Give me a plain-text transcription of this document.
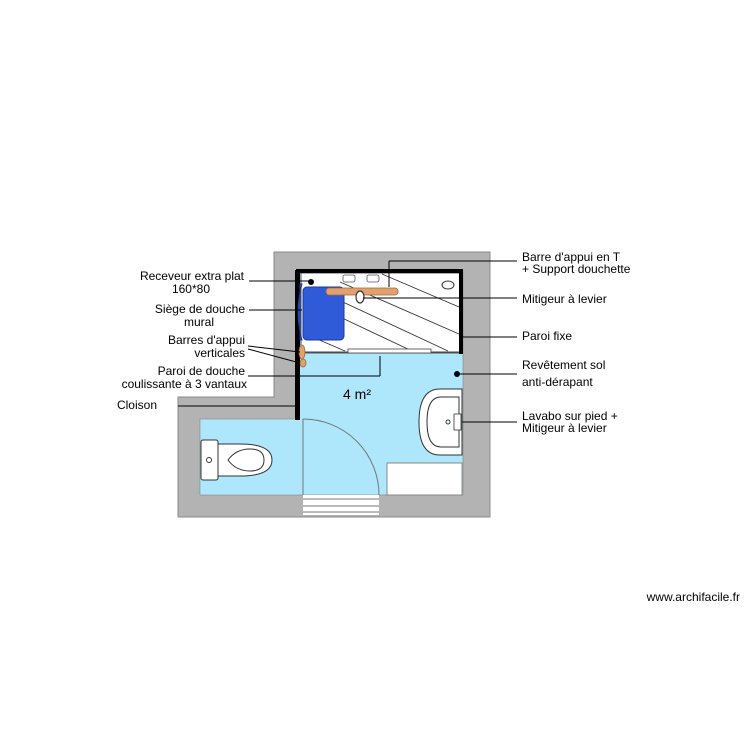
4 m²
Receveur extra plat
160*80
Siège de douche
mural
Barres d'appui
verticales
Paroi de douche
coulissante à 3 vantaux
Cloison
Barre d'appui en T
+ Support douchette
Mitigeur à levier
Paroi fixe
Revêtement sol
anti-dérapant
Lavabo sur pied +
Mitigeur à levier
www.archifacile.fr
